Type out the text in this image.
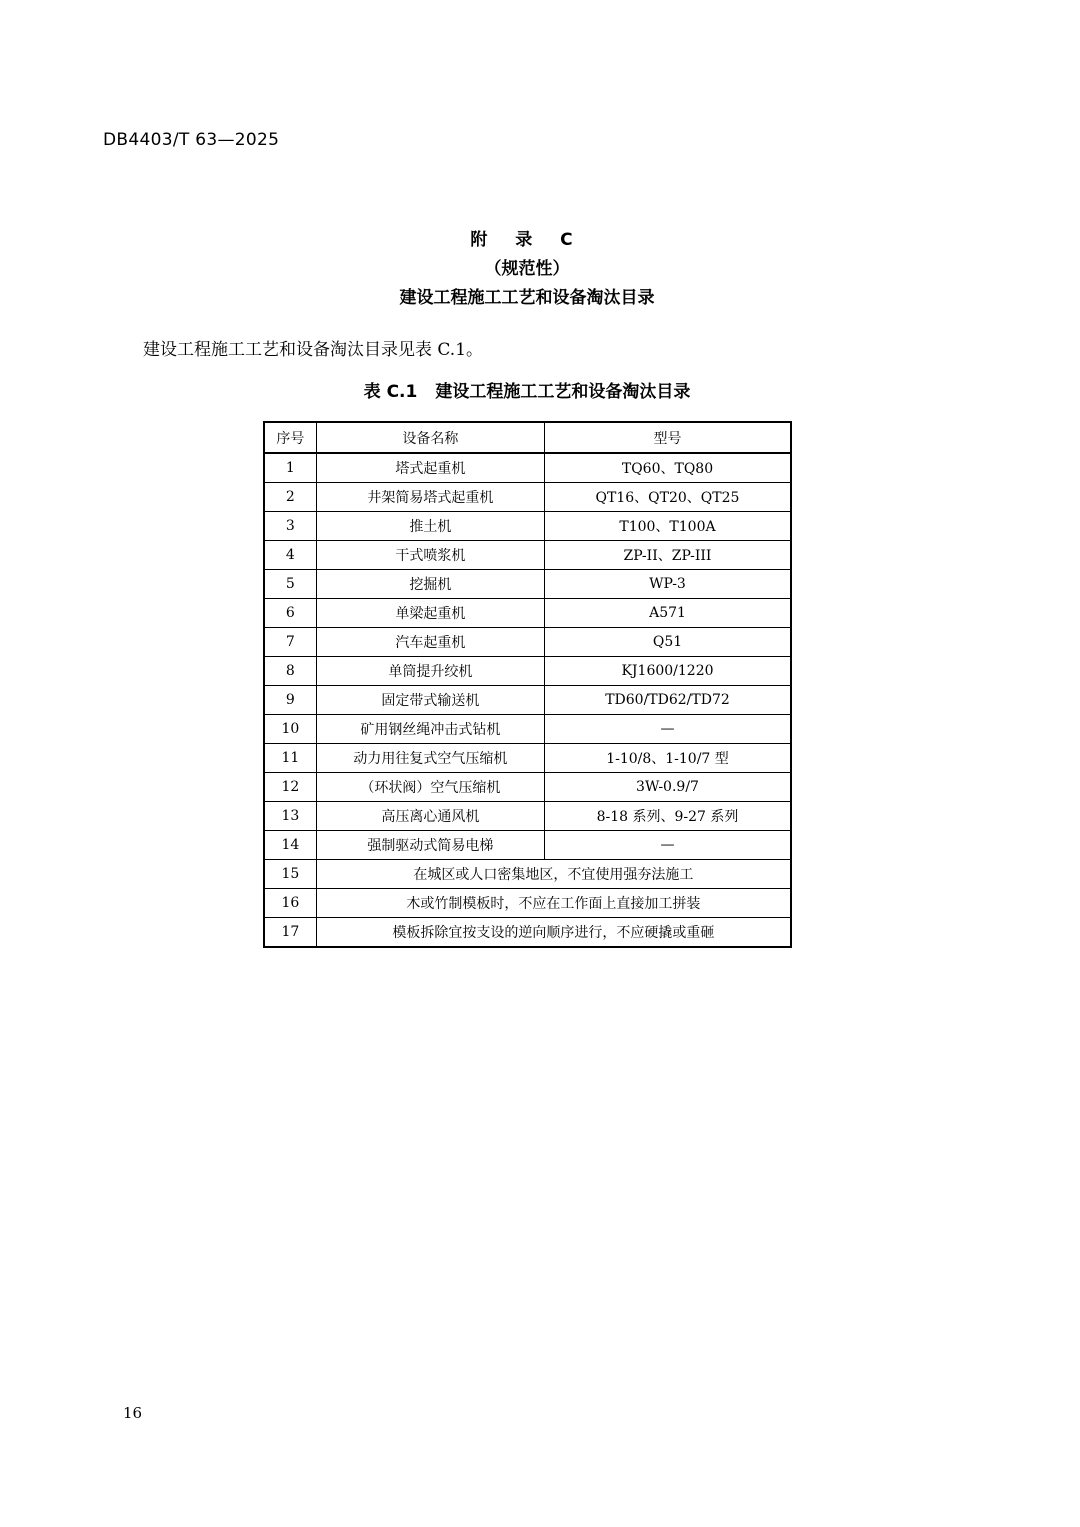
DB4403/T 63—2025
附 录 C
（规范性）
建设工程施工工艺和设备淘汰目录
建设工程施工工艺和设备淘汰目录见表 C.1。
表 C.1 建设工程施工工艺和设备淘汰目录
序号	设备名称	型号
1	塔式起重机	TQ60、TQ80
2	井架简易塔式起重机	QT16、QT20、QT25
3	推土机	T100、T100A
4	干式喷浆机	ZP-II、ZP-III
5	挖掘机	WP-3
6	单梁起重机	A571
7	汽车起重机	Q51
8	单筒提升绞机	KJ1600/1220
9	固定带式输送机	TD60/TD62/TD72
10	矿用钢丝绳冲击式钻机	—
11	动力用往复式空气压缩机	1-10/8、1-10/7 型
12	（环状阀）空气压缩机	3W-0.9/7
13	高压离心通风机	8-18 系列、9-27 系列
14	强制驱动式简易电梯	—
15	在城区或人口密集地区，不宜使用强夯法施工	
16	木或竹制模板时，不应在工作面上直接加工拼装	
17	模板拆除宜按支设的逆向顺序进行，不应硬撬或重砸	
16
